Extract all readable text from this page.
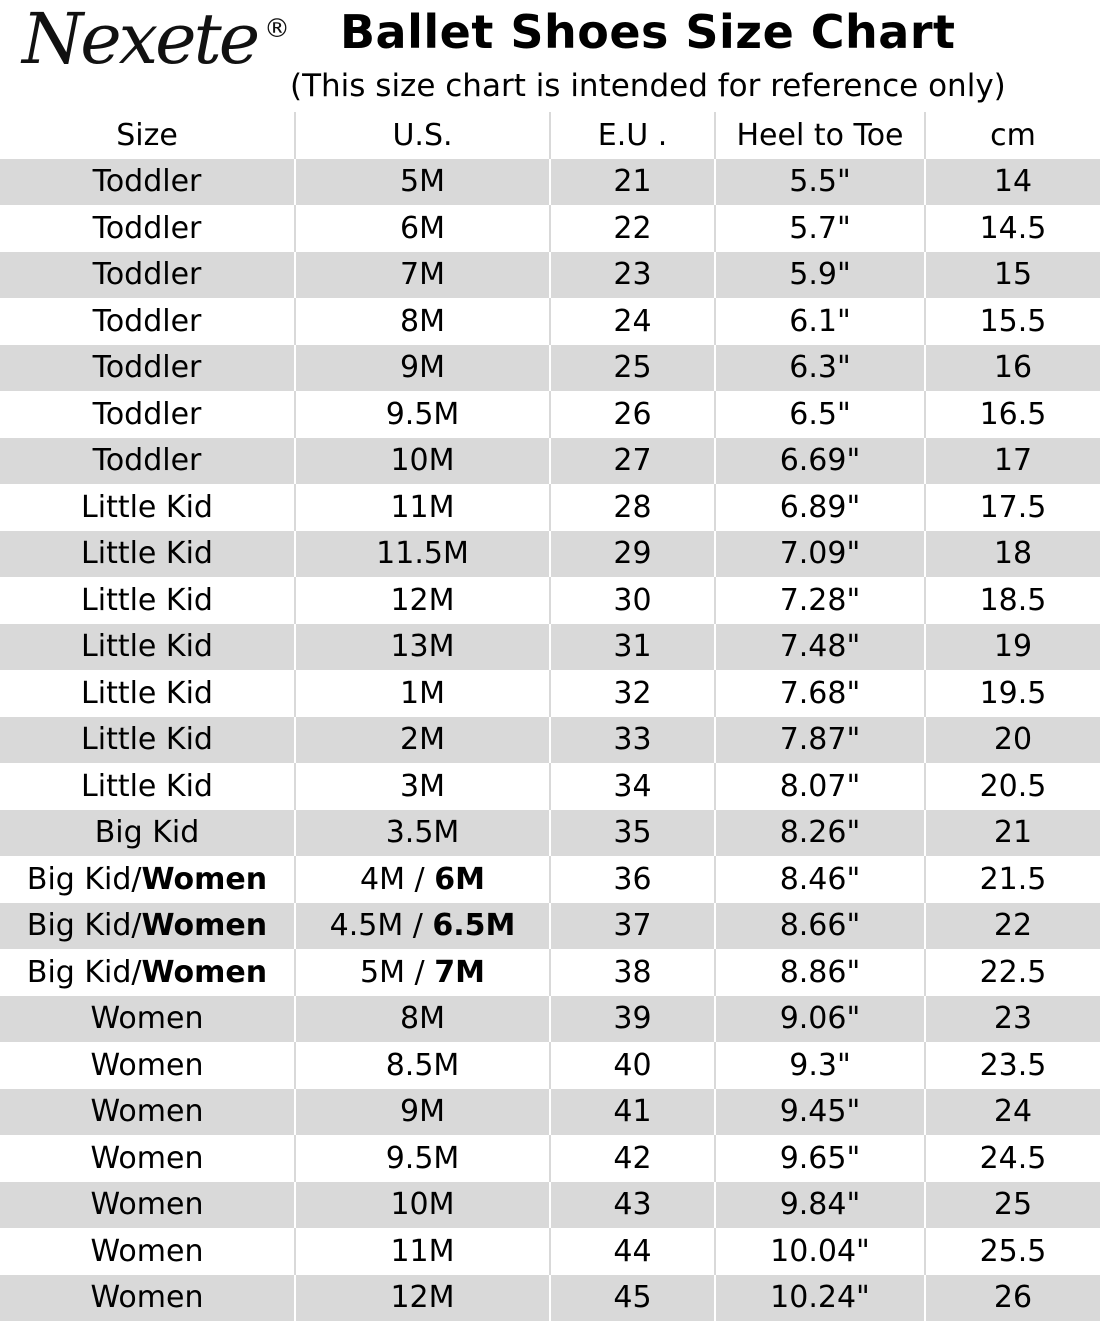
Nexete ® Ballet Shoes Size Chart
(This size chart is intended for reference only)
Size	U.S.	E.U .	Heel to Toe	cm
Toddler	5M	21	5.5"	14
Toddler	6M	22	5.7"	14.5
Toddler	7M	23	5.9"	15
Toddler	8M	24	6.1"	15.5
Toddler	9M	25	6.3"	16
Toddler	9.5M	26	6.5"	16.5
Toddler	10M	27	6.69"	17
Little Kid	11M	28	6.89"	17.5
Little Kid	11.5M	29	7.09"	18
Little Kid	12M	30	7.28"	18.5
Little Kid	13M	31	7.48"	19
Little Kid	1M	32	7.68"	19.5
Little Kid	2M	33	7.87"	20
Little Kid	3M	34	8.07"	20.5
Big Kid	3.5M	35	8.26"	21
Big Kid/Women	4M / 6M	36	8.46"	21.5
Big Kid/Women	4.5M / 6.5M	37	8.66"	22
Big Kid/Women	5M / 7M	38	8.86"	22.5
Women	8M	39	9.06"	23
Women	8.5M	40	9.3"	23.5
Women	9M	41	9.45"	24
Women	9.5M	42	9.65"	24.5
Women	10M	43	9.84"	25
Women	11M	44	10.04"	25.5
Women	12M	45	10.24"	26
